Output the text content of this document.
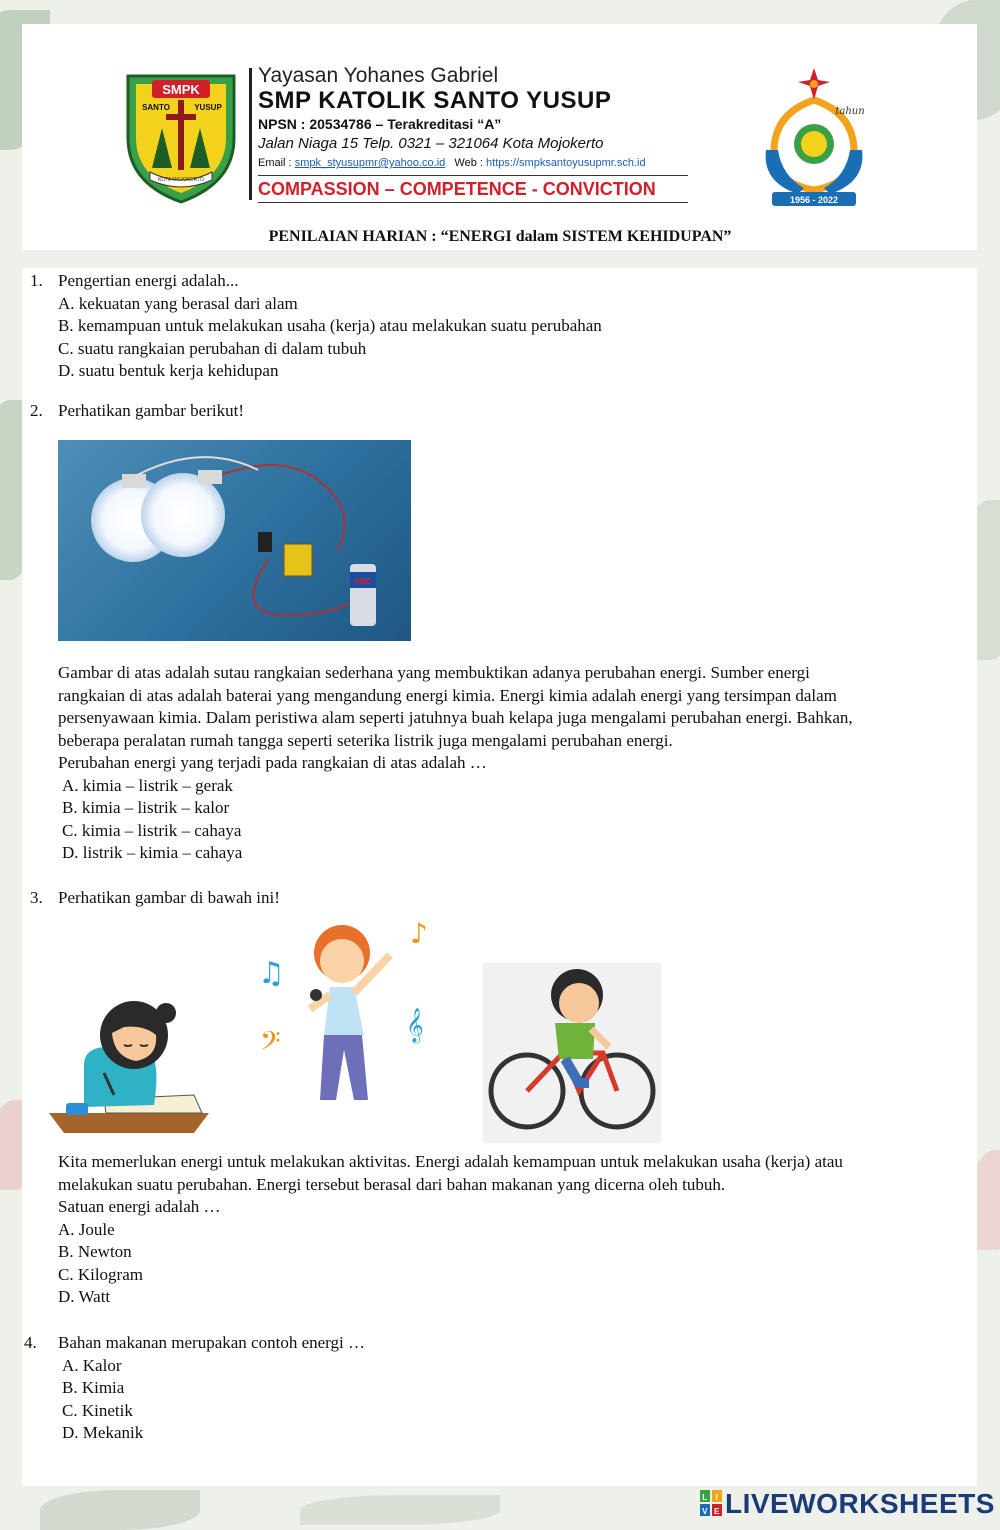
SMPK
SANTO	YUSUP
KOTA MOJOKERTO
Yayasan Yohanes Gabriel
SMP KATOLIK SANTO YUSUP
NPSN : 20534786 – Terakreditasi “A”
Jalan Niaga 15 Telp. 0321 – 321064 Kota Mojokerto
Email : smpk_styusupmr@yahoo.co.id Web : https://smpksantoyusupmr.sch.id
COMPASSION – COMPETENCE - CONVICTION
tahun
1956 - 2022
PENILAIAN HARIAN : “ENERGI dalam SISTEM KEHIDUPAN”
1. Pengertian energi adalah...
A. kekuatan yang berasal dari alam
B. kemampuan untuk melakukan usaha (kerja) atau melakukan suatu perubahan
C. suatu rangkaian perubahan di dalam tubuh
D. suatu bentuk kerja kehidupan
2. Perhatikan gambar berikut!
ABC
Gambar di atas adalah sutau rangkaian sederhana yang membuktikan adanya perubahan energi. Sumber energi
rangkaian di atas adalah baterai yang mengandung energi kimia. Energi kimia adalah energi yang tersimpan dalam
persenyawaan kimia. Dalam peristiwa alam seperti jatuhnya buah kelapa juga mengalami perubahan energi. Bahkan,
beberapa peralatan rumah tangga seperti seterika listrik juga mengalami perubahan energi.
Perubahan energi yang terjadi pada rangkaian di atas adalah …
A. kimia – listrik – gerak
B. kimia – listrik – kalor
C. kimia – listrik – cahaya
D. listrik – kimia – cahaya
3. Perhatikan gambar di bawah ini!
♫
♪
𝄢	𝄞
Kita memerlukan energi untuk melakukan aktivitas. Energi adalah kemampuan untuk melakukan usaha (kerja) atau
melakukan suatu perubahan. Energi tersebut berasal dari bahan makanan yang dicerna oleh tubuh.
Satuan energi adalah …
A. Joule
B. Newton
C. Kilogram
D. Watt
4.	Bahan makanan merupakan contoh energi …
A. Kalor
B. Kimia
C. Kinetik
D. Mekanik
L I
V E LIVEWORKSHEETS
